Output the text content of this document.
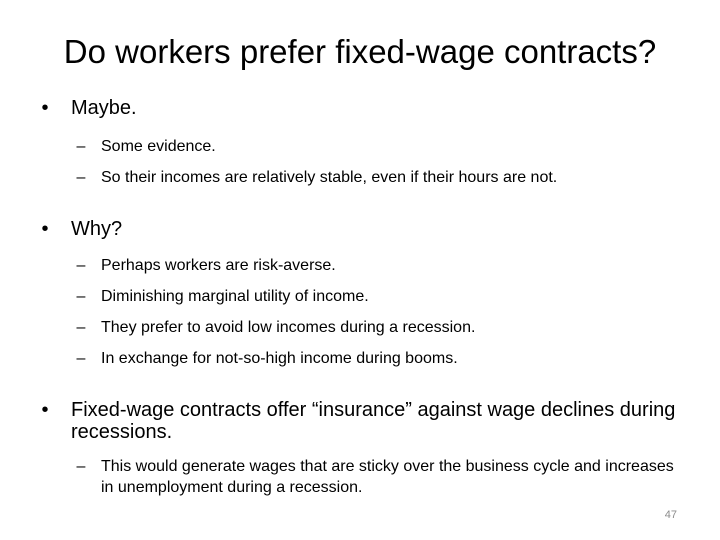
Do workers prefer fixed-wage contracts?
•	Maybe.
– Some evidence.
– So their incomes are relatively stable, even if their hours are not.
•	Why?
– Perhaps workers are risk-averse.
– Diminishing marginal utility of income.
– They prefer to avoid low incomes during a recession.
– In exchange for not-so-high income during booms.
•	Fixed-wage contracts offer “insurance” against wage declines during recessions.
– This would generate wages that are sticky over the business cycle and increases in unemployment during a recession.
47
